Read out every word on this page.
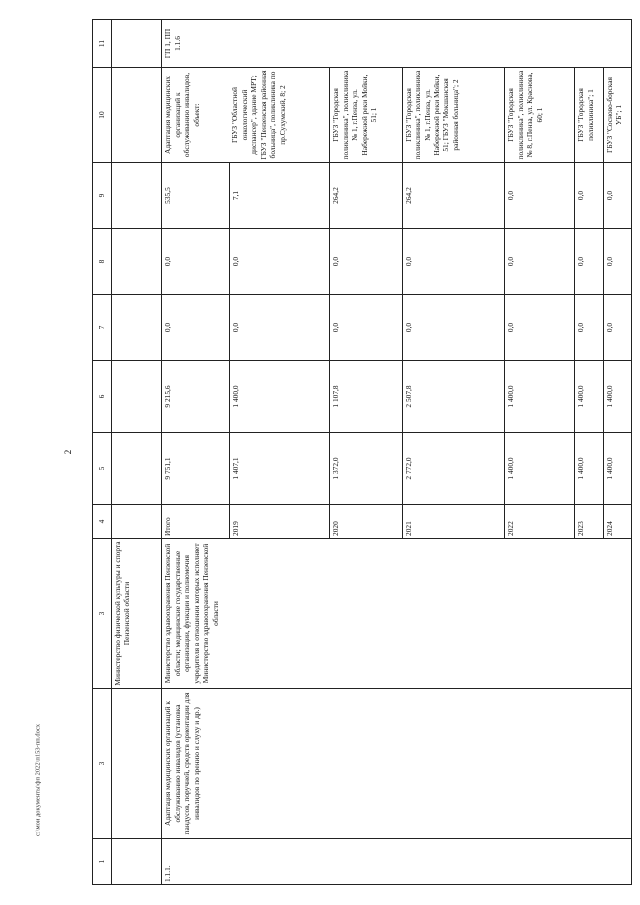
2
c:\мои документы\фп 2022\п153-пп.docx
1	3	3	4	5	6	7	8	9	10	11
		Министерство физической культуры и спорта Пензенской области								
1.1.1.	Адаптация медицинских организаций к обслуживанию инвалидов (установка пандусов, поручней, средств ориентации для инвалидов по зрению и слуху и др.)	Министерство здравоохранения Пензенской области; медицинские государственные организации, функции и полномочия учредителя в отношении которых исполняет Министерство здравоохранения Пензенской области	Итого	9 751,1	9 215,6	0,0	0,0	535,5	Адаптация медицинских организаций к обслуживанию инвалидов, объект:	ГП 1, ПП 1.1.6
			2019	1 407,1	1 400,0	0,0	0,0	7,1	ГБУЗ "Областной онкологический диспансер", здание МРТ; ГБУЗ "Пензенская районная больница", поликлиника по пр.Сухумский, 8; 2	
			2020	1 372,0	1 107,8	0,0	0,0	264,2	ГБУЗ "Городская поликлиника", поликлиника № 1, г.Пенза, ул. Набережной реки Мойки, 51; 1	
			2021	2 772,0	2 507,8	0,0	0,0	264,2	ГБУЗ "Городская поликлиника", поликлиника № 1, г.Пенза, ул. Набережной реки Мойки, 51; ГБУЗ "Мокшанская районная больница"; 2	
			2022	1 400,0	1 400,0	0,0	0,0	0,0	ГБУЗ "Городская поликлиника", поликлиника № 8, г.Пенза, ул. Краснова, 60; 1	
			2023	1 400,0	1 400,0	0,0	0,0	0,0	ГБУЗ "Городская поликлиника"; 1	
			2024	1 400,0	1 400,0	0,0	0,0	0,0	ГБУЗ "Сосново-борская УБ"; 1	
